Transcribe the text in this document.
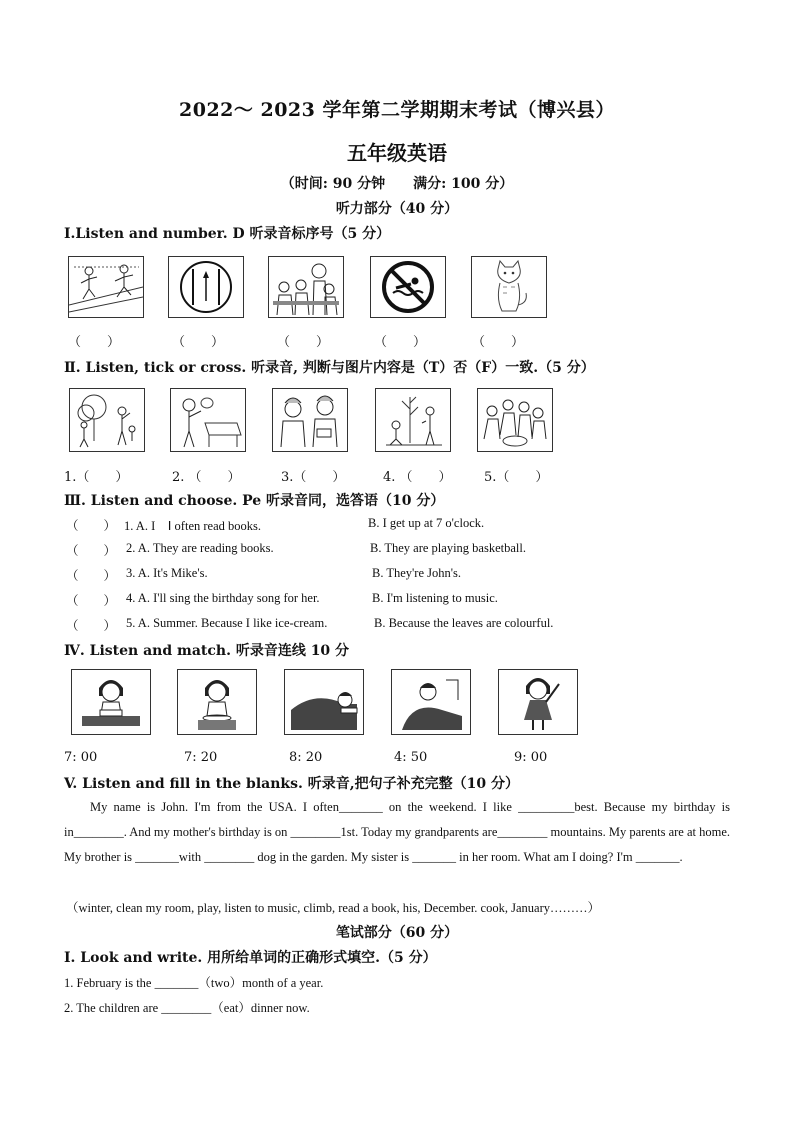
2022～ 2023 学年第二学期期末考试（博兴县）
五年级英语
（时间: 90 分钟　　满分: 100 分）
听力部分（40 分）
Ⅰ.Listen and number. D 听录音标序号（5 分）
（　　）	（　　）	（　　）	（　　）	（　　）
Ⅱ. Listen, tick or cross. 听录音, 判断与图片内容是（T）否（F）一致.（5 分）
1.（　　）	2. （　　）	3.（　　）	4. （　　） 5.（　　）
Ⅲ. Listen and choose. Pe 听录音同，选答语（10 分）
（　　） 1. A. I　Ⅰ often read books.	B. I get up at 7 o'clock.
（　　） 2. A. They are reading books.	B. They are playing basketball.
（　　） 3. A. It's Mike's.	B. They're John's.
（　　） 4. A. I'll sing the birthday song for her.	B. I'm listening to music.
（　　） 5. A. Summer. Because I like ice-cream.	B. Because the leaves are colourful.
Ⅳ. Listen and match. 听录音连线 10 分
7: 00	7: 20	8: 20	4: 50	9: 00
V. Listen and fill in the blanks. 听录音,把句子补充完整（10 分）
My name is John. I'm from the USA. I often_______ on the weekend. I like _________best. Because my birthday is in________. And my mother's birthday is on ________1st. Today my grandparents are________ mountains. My parents are at home. My brother is _______with ________ dog in the garden. My sister is _______ in her room. What am I doing? I'm _______.
（winter, clean my room, play, listen to music, climb, read a book, his, December. cook, January………）
笔试部分（60 分）
Ⅰ. Look and write. 用所给单词的正确形式填空.（5 分）
1. February is the _______（two）month of a year.
2. The children are ________（eat）dinner now.
